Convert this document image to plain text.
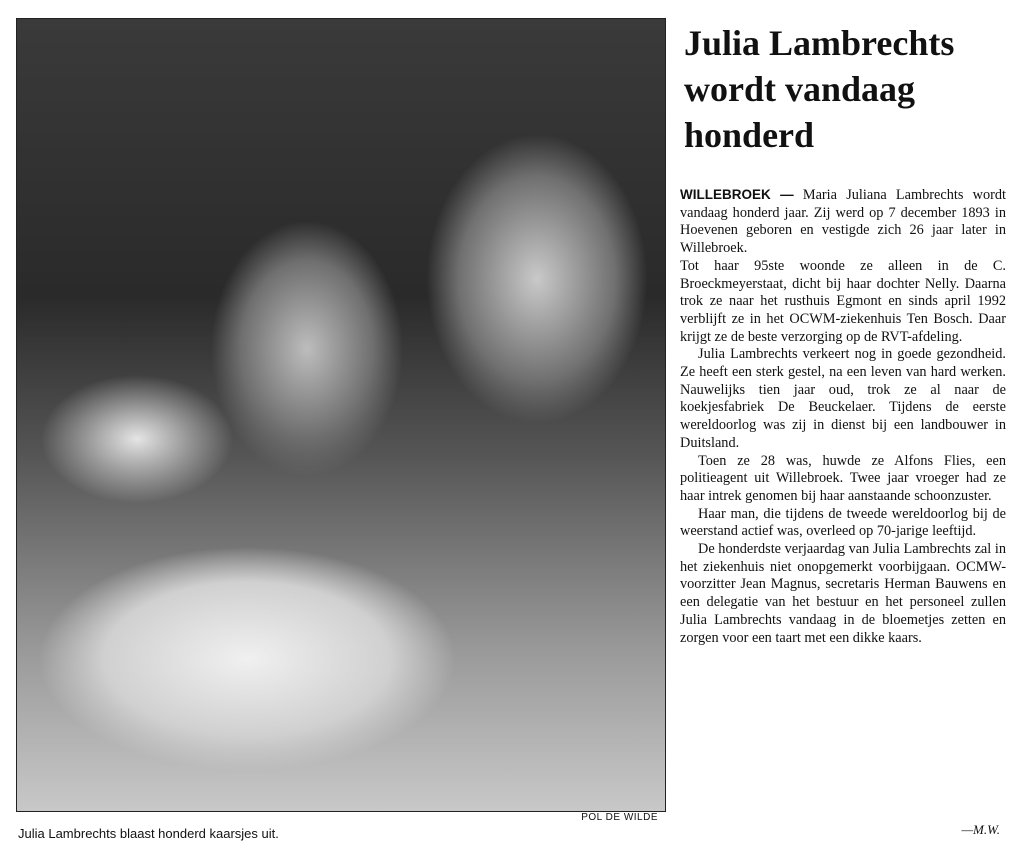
POL DE WILDE
Julia Lambrechts blaast honderd kaarsjes uit.
Julia Lambrechts wordt vandaag honderd

WILLEBROEK — Maria Juliana Lambrechts wordt vandaag honderd jaar. Zij werd op 7 december 1893 in Hoevenen geboren en vestigde zich 26 jaar later in Willebroek.

Tot haar 95ste woonde ze alleen in de C. Broeckmeyerstaat, dicht bij haar dochter Nelly. Daarna trok ze naar het rusthuis Egmont en sinds april 1992 verblijft ze in het OCWM-ziekenhuis Ten Bosch. Daar krijgt ze de beste verzorging op de RVT-afdeling.

Julia Lambrechts verkeert nog in goede gezondheid. Ze heeft een sterk gestel, na een leven van hard werken. Nauwelijks tien jaar oud, trok ze al naar de koekjesfabriek De Beuckelaer. Tijdens de eerste wereldoorlog was zij in dienst bij een landbouwer in Duitsland.

Toen ze 28 was, huwde ze Alfons Flies, een politieagent uit Willebroek. Twee jaar vroeger had ze haar intrek genomen bij haar aanstaande schoonzuster.

Haar man, die tijdens de tweede wereldoorlog bij de weerstand actief was, overleed op 70-jarige leeftijd.

De honderdste verjaardag van Julia Lambrechts zal in het ziekenhuis niet onopgemerkt voorbijgaan. OCMW-voorzitter Jean Magnus, secretaris Herman Bauwens en een delegatie van het bestuur en het personeel zullen Julia Lambrechts vandaag in de bloemetjes zetten en zorgen voor een taart met een dikke kaars.

—M.W.
